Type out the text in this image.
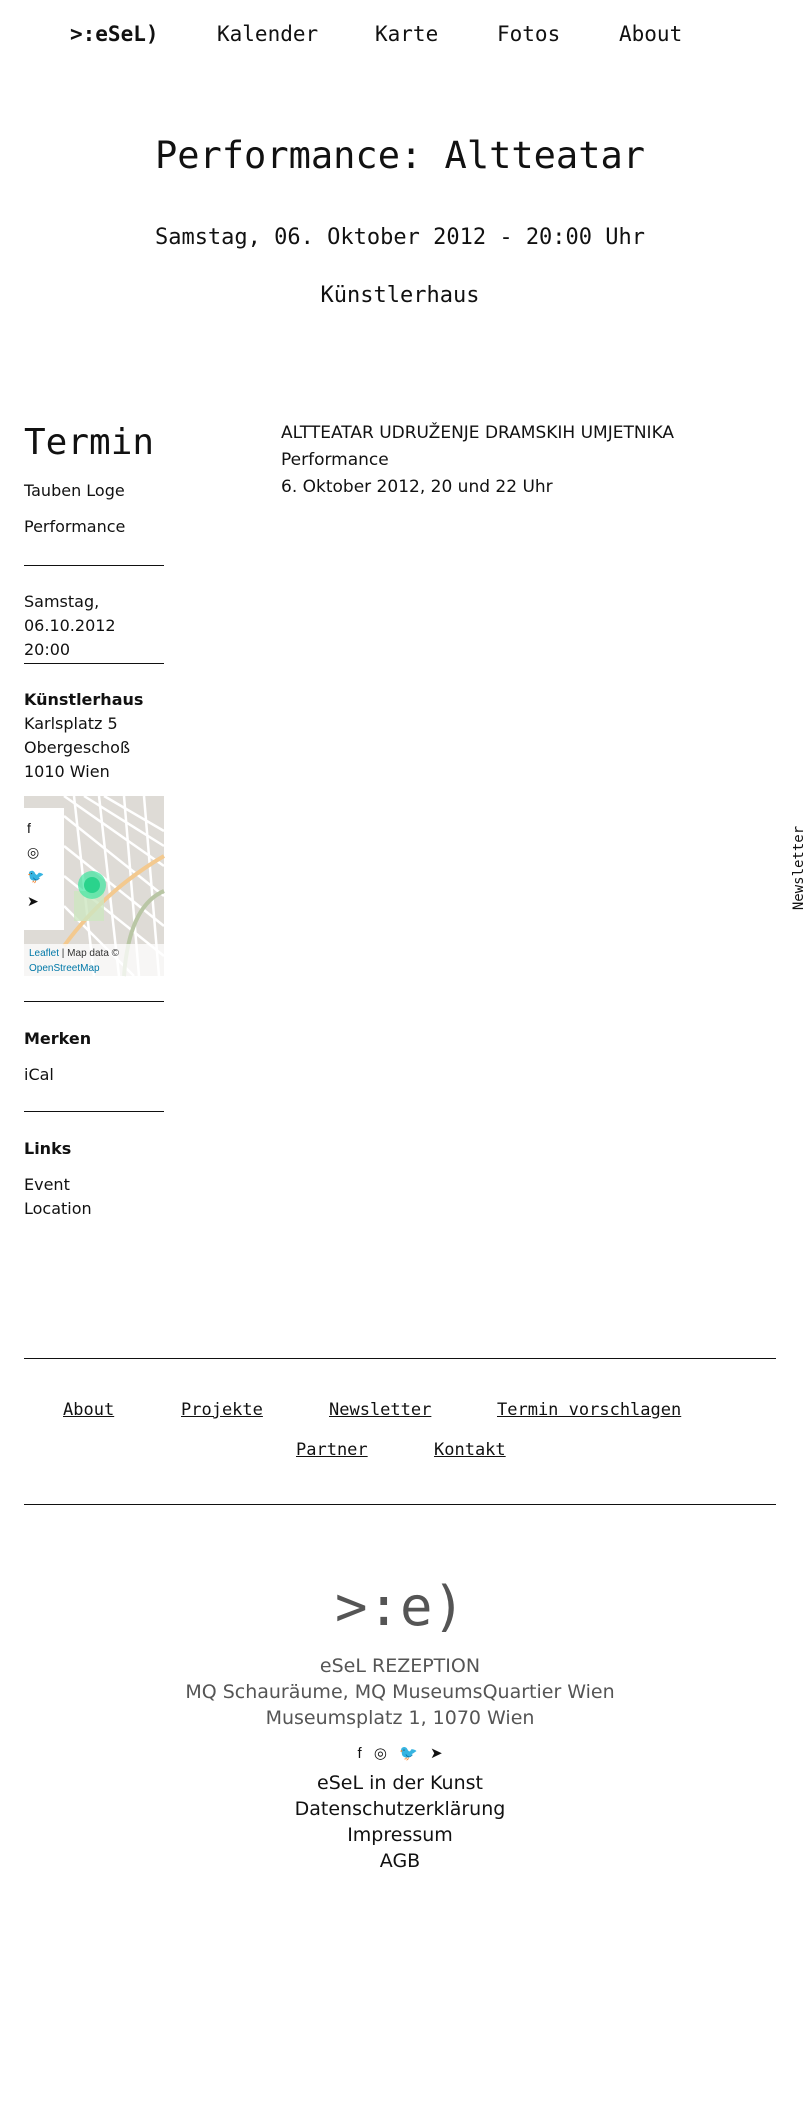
>:eSeL)	Kalender	Karte	Fotos	About
Performance: Altteatar
Samstag, 06. Oktober 2012 - 20:00 Uhr
Künstlerhaus
Termin
Tauben Loge
Performance
Samstag,
06.10.2012 20:00
Künstlerhaus
Karlsplatz 5
Obergeschoß
1010 Wien
f
◎
🐦
➤
Leaflet | Map data ©
OpenStreetMap
Merken
iCal
Links
Event
Location
ALTTEATAR UDRUŽENJE DRAMSKIH UMJETNIKA
Performance
6. Oktober 2012, 20 und 22 Uhr
Newsletter
About	Projekte	Newsletter	Termin vorschlagen
Partner	Kontakt
>:e)
eSeL REZEPTION
MQ Schauräume, MQ MuseumsQuartier Wien
Museumsplatz 1, 1070 Wien
f ◎ 🐦 ➤
eSeL in der Kunst
Datenschutzerklärung
Impressum
AGB
